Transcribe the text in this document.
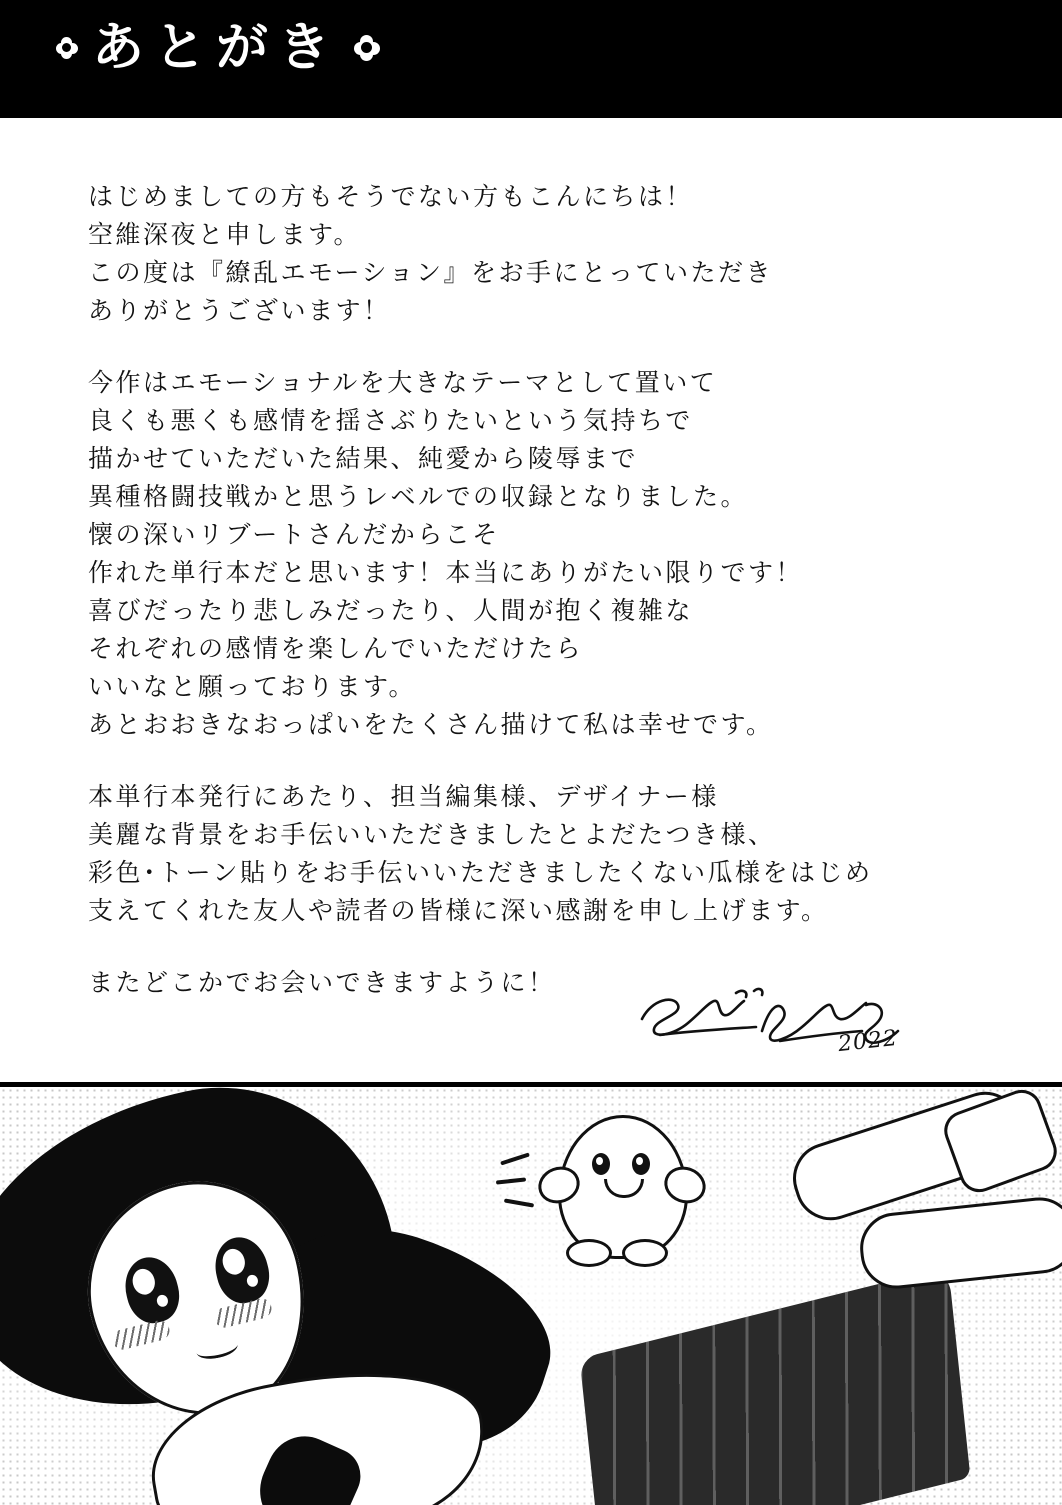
あとがき
はじめましての方もそうでない方もこんにちは！
空維深夜と申します。
この度は『繚乱エモーション』をお手にとっていただき
ありがとうございます！
今作はエモーショナルを大きなテーマとして置いて
良くも悪くも感情を揺さぶりたいという気持ちで
描かせていただいた結果、純愛から陵辱まで
異種格闘技戦かと思うレベルでの収録となりました。
懐の深いリブートさんだからこそ
作れた単行本だと思います！本当にありがたい限りです！
喜びだったり悲しみだったり、人間が抱く複雑な
それぞれの感情を楽しんでいただけたら
いいなと願っております。
あとおおきなおっぱいをたくさん描けて私は幸せです。
本単行本発行にあたり、担当編集様、デザイナー様
美麗な背景をお手伝いいただきましたとよだたつき様、
彩色･トーン貼りをお手伝いいただきましたくない瓜様をはじめ
支えてくれた友人や読者の皆様に深い感謝を申し上げます。
またどこかでお会いできますように！
2022
